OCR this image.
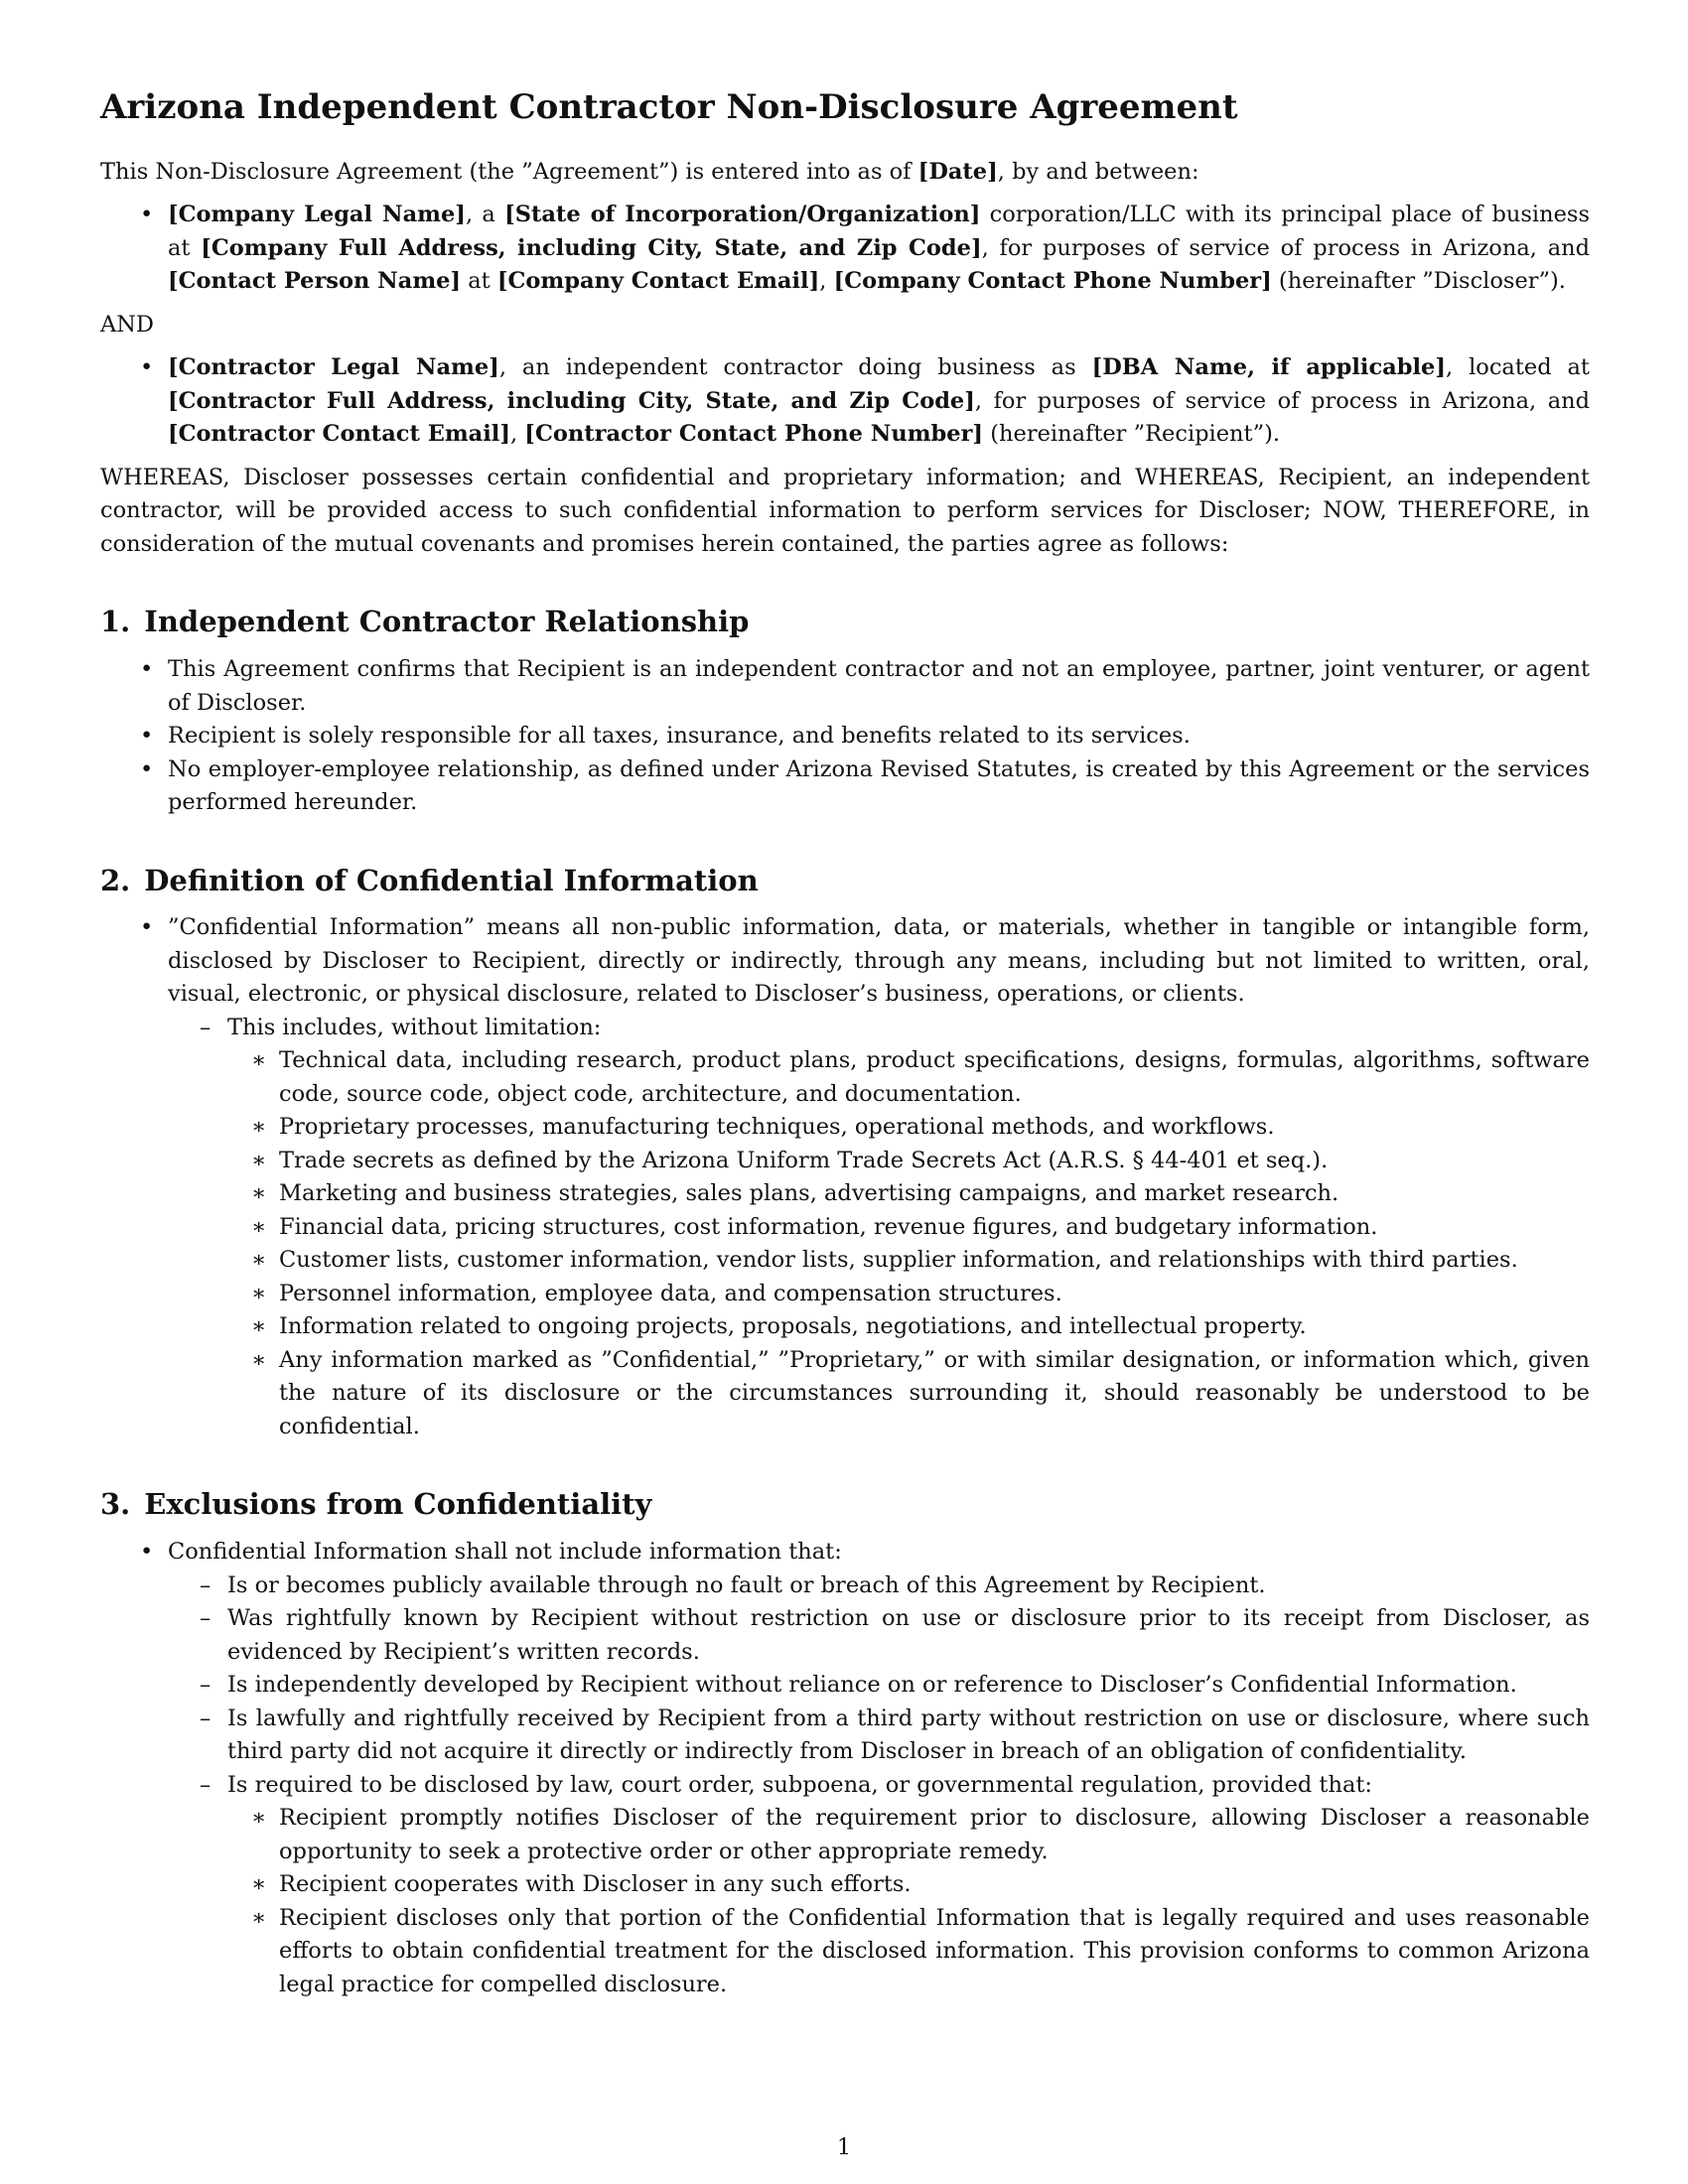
Arizona Independent Contractor Non-Disclosure Agreement

This Non-Disclosure Agreement (the ”Agreement”) is entered into as of [Date], by and between:

• [Company Legal Name], a [State of Incorporation/Organization] corporation/LLC with its principal place of business at [Company Full Address, including City, State, and Zip Code], for purposes of service of process in Arizona, and [Contact Person Name] at [Company Contact Email], [Company Contact Phone Number] (hereinafter ”Discloser”).

AND

• [Contractor Legal Name], an independent contractor doing business as [DBA Name, if applicable], located at [Contractor Full Address, including City, State, and Zip Code], for purposes of service of process in Arizona, and [Contractor Contact Email], [Contractor Contact Phone Number] (hereinafter ”Recipient”).

WHEREAS, Discloser possesses certain confidential and proprietary information; and WHEREAS, Recipient, an independent contractor, will be provided access to such confidential information to perform services for Discloser; NOW, THEREFORE, in consideration of the mutual covenants and promises herein contained, the parties agree as follows:

1. Independent Contractor Relationship
• This Agreement confirms that Recipient is an independent contractor and not an employee, partner, joint venturer, or agent of Discloser.
• Recipient is solely responsible for all taxes, insurance, and benefits related to its services.
• No employer-employee relationship, as defined under Arizona Revised Statutes, is created by this Agreement or the services performed hereunder.
2. Definition of Confidential Information
• ”Confidential Information” means all non-public information, data, or materials, whether in tangible or intangible form, disclosed by Discloser to Recipient, directly or indirectly, through any means, including but not limited to written, oral, visual, electronic, or physical disclosure, related to Discloser’s business, operations, or clients.
– This includes, without limitation:
∗ Technical data, including research, product plans, product specifications, designs, formulas, algorithms, software code, source code, object code, architecture, and documentation.
∗ Proprietary processes, manufacturing techniques, operational methods, and workflows.
∗ Trade secrets as defined by the Arizona Uniform Trade Secrets Act (A.R.S. § 44-401 et seq.).
∗ Marketing and business strategies, sales plans, advertising campaigns, and market research.
∗ Financial data, pricing structures, cost information, revenue figures, and budgetary information.
∗ Customer lists, customer information, vendor lists, supplier information, and relationships with third parties.
∗ Personnel information, employee data, and compensation structures.
∗ Information related to ongoing projects, proposals, negotiations, and intellectual property.
∗ Any information marked as ”Confidential,” ”Proprietary,” or with similar designation, or information which, given the nature of its disclosure or the circumstances surrounding it, should reasonably be understood to be confidential.
3. Exclusions from Confidentiality
• Confidential Information shall not include information that:
– Is or becomes publicly available through no fault or breach of this Agreement by Recipient.
– Was rightfully known by Recipient without restriction on use or disclosure prior to its receipt from Discloser, as evidenced by Recipient’s written records.
– Is independently developed by Recipient without reliance on or reference to Discloser’s Confidential Information.
– Is lawfully and rightfully received by Recipient from a third party without restriction on use or disclosure, where such third party did not acquire it directly or indirectly from Discloser in breach of an obligation of confidentiality.
– Is required to be disclosed by law, court order, subpoena, or governmental regulation, provided that:
∗ Recipient promptly notifies Discloser of the requirement prior to disclosure, allowing Discloser a reasonable opportunity to seek a protective order or other appropriate remedy.
∗ Recipient cooperates with Discloser in any such efforts.
∗ Recipient discloses only that portion of the Confidential Information that is legally required and uses reasonable efforts to obtain confidential treatment for the disclosed information. This provision conforms to common Arizona legal practice for compelled disclosure.
1
